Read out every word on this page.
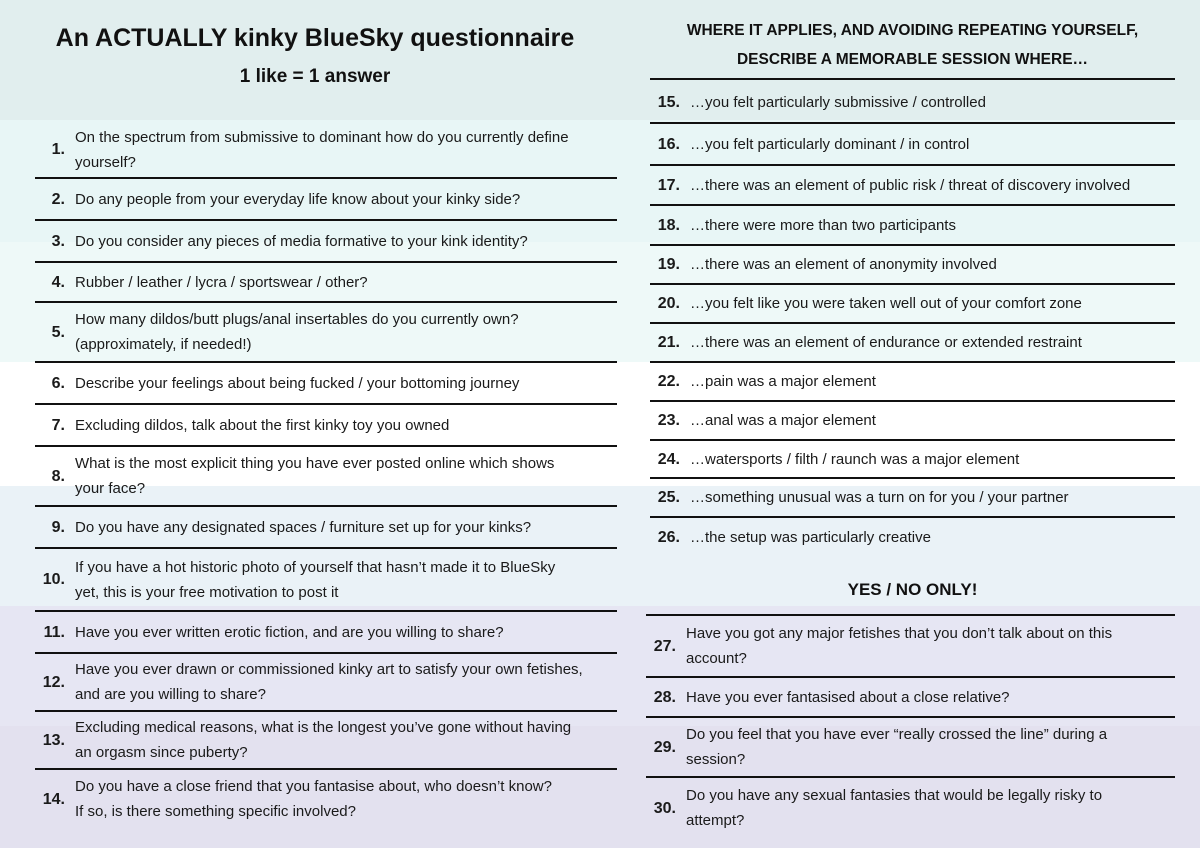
An ACTUALLY kinky BlueSky questionnaire
1 like = 1 answer
WHERE IT APPLIES, AND AVOIDING REPEATING YOURSELF,
DESCRIBE A MEMORABLE SESSION WHERE…
1.
On the spectrum from submissive to dominant how do you currently define
yourself?
2. Do any people from your everyday life know about your kinky side?
3. Do you consider any pieces of media formative to your kink identity?
4. Rubber / leather / lycra / sportswear / other?
5.
How many dildos/butt plugs/anal insertables do you currently own?
(approximately, if needed!)
6. Describe your feelings about being fucked / your bottoming journey
7. Excluding dildos, talk about the first kinky toy you owned
8.
What is the most explicit thing you have ever posted online which shows
your face?
9. Do you have any designated spaces / furniture set up for your kinks?
10.
If you have a hot historic photo of yourself that hasn’t made it to BlueSky
yet, this is your free motivation to post it
11. Have you ever written erotic fiction, and are you willing to share?
12.
Have you ever drawn or commissioned kinky art to satisfy your own fetishes,
and are you willing to share?
13.
Excluding medical reasons, what is the longest you’ve gone without having
an orgasm since puberty?
14.
Do you have a close friend that you fantasise about, who doesn’t know?
If so, is there something specific involved?
15. …you felt particularly submissive / controlled
16. …you felt particularly dominant / in control
17. …there was an element of public risk / threat of discovery involved
18. …there were more than two participants
19. …there was an element of anonymity involved
20. …you felt like you were taken well out of your comfort zone
21. …there was an element of endurance or extended restraint
22. …pain was a major element
23. …anal was a major element
24. …watersports / filth / raunch was a major element
25. …something unusual was a turn on for you / your partner
26. …the setup was particularly creative
YES / NO ONLY!
27.
Have you got any major fetishes that you don’t talk about on this
account?
28. Have you ever fantasised about a close relative?
29.
Do you feel that you have ever “really crossed the line” during a
session?
30.
Do you have any sexual fantasies that would be legally risky to
attempt?
